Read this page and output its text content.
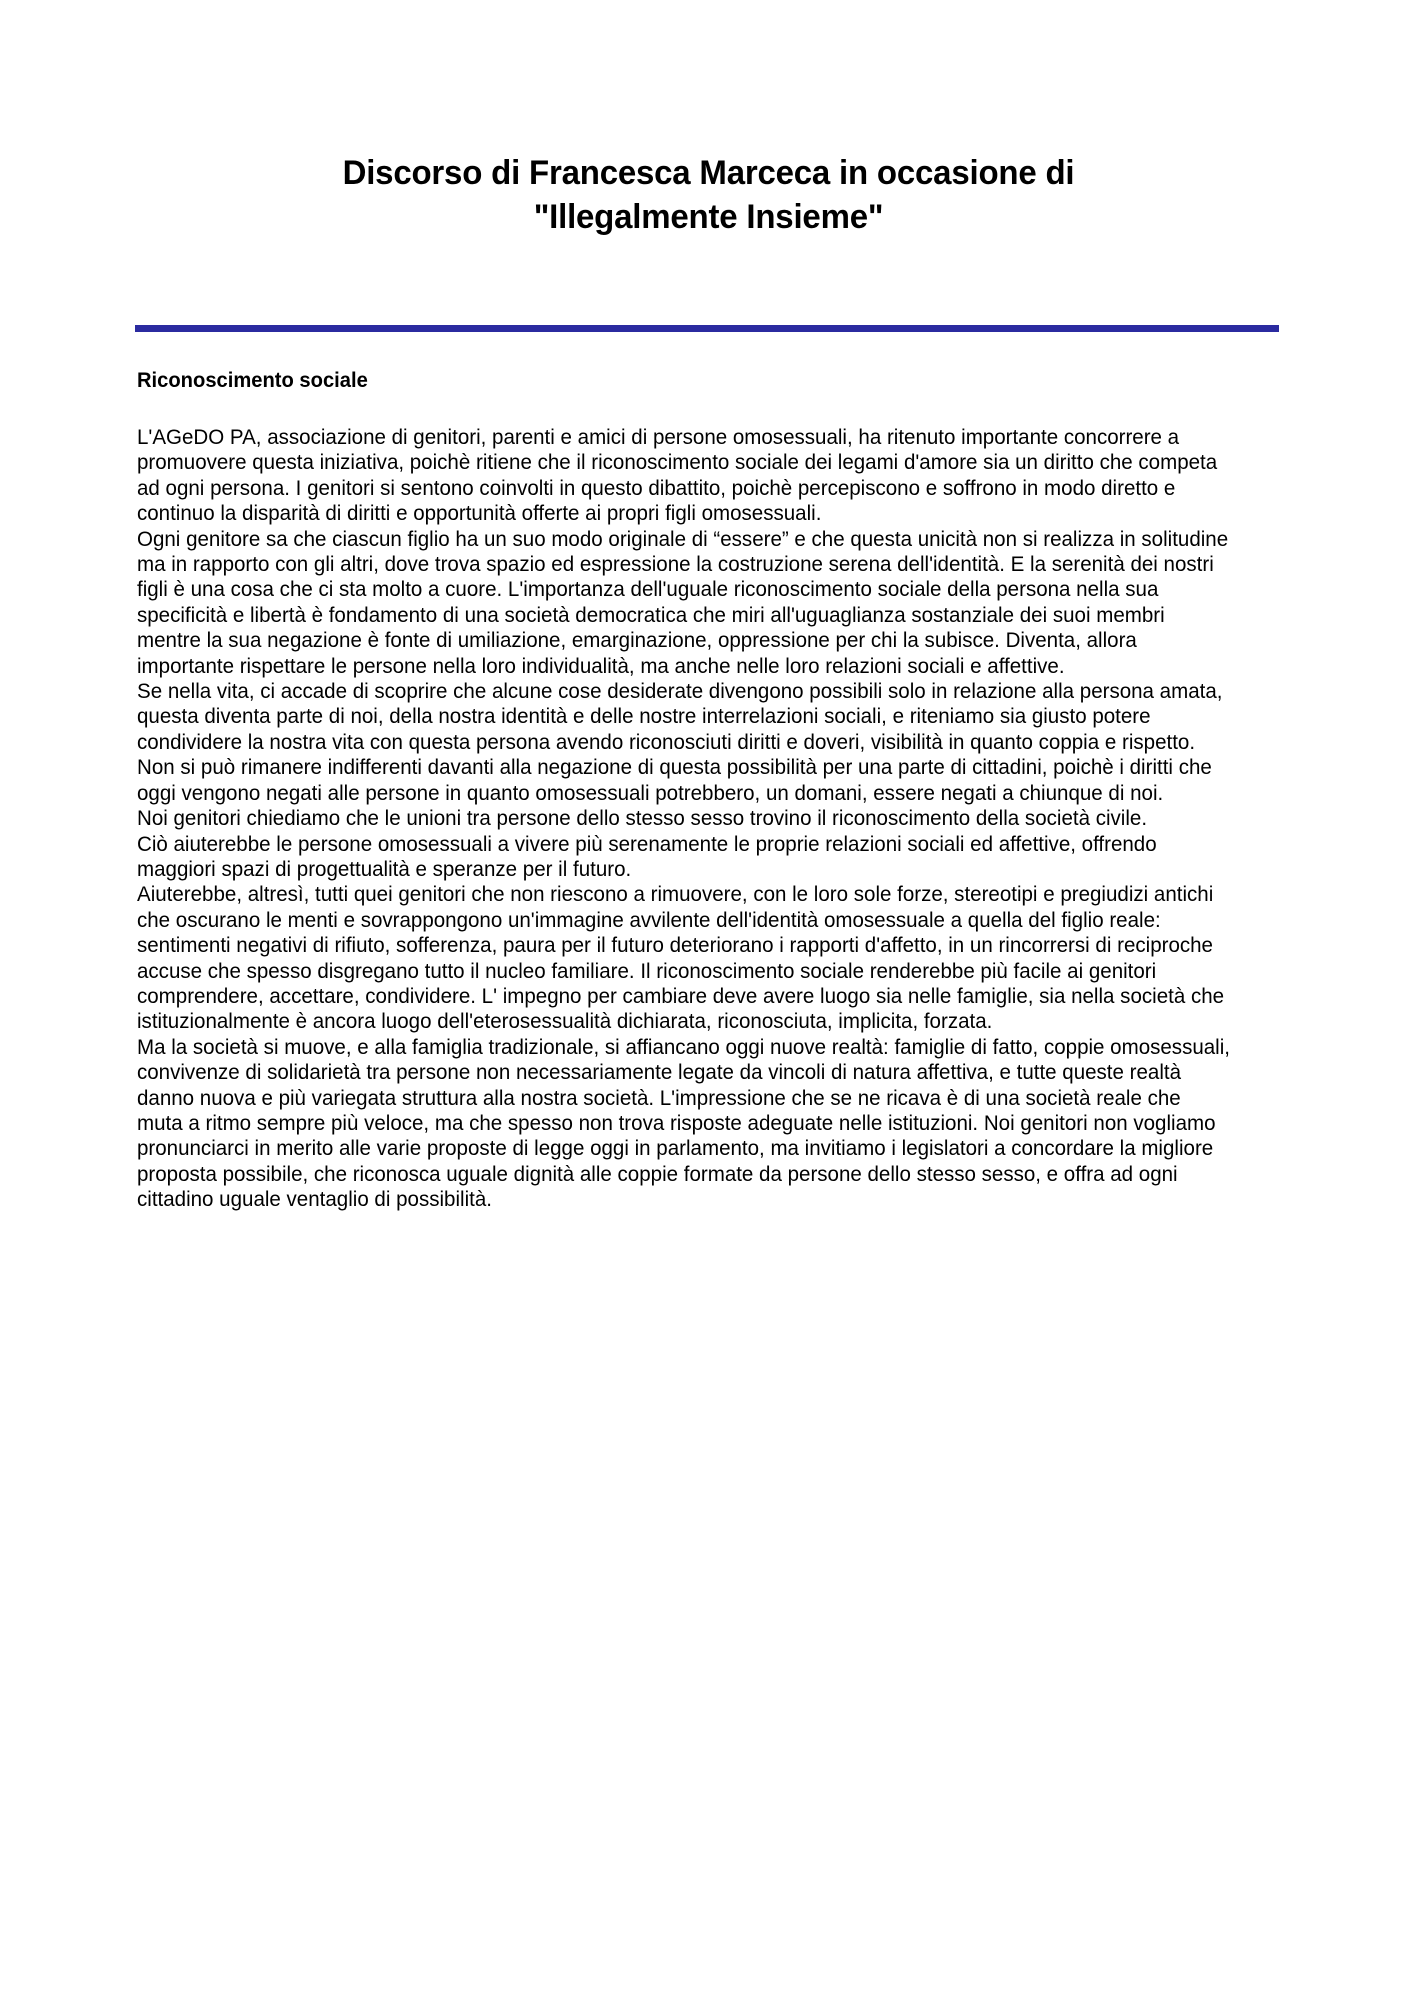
Discorso di Francesca Marceca in occasione di
"Illegalmente Insieme"
Riconoscimento sociale

L'AGeDO PA, associazione di genitori, parenti e amici di persone omosessuali, ha ritenuto importante concorrere a promuovere questa iniziativa, poichè ritiene che il riconoscimento sociale dei legami d'amore sia un diritto che competa ad ogni persona. I genitori si sentono coinvolti in questo dibattito, poichè percepiscono e soffrono in modo diretto e continuo la disparità di diritti e opportunità offerte ai propri figli omosessuali.

Ogni genitore sa che ciascun figlio ha un suo modo originale di “essere” e che questa unicità non si realizza in solitudine ma in rapporto con gli altri, dove trova spazio ed espressione la costruzione serena dell'identità. E la serenità dei nostri figli è una cosa che ci sta molto a cuore. L'importanza dell'uguale riconoscimento sociale della persona nella sua specificità e libertà è fondamento di una società democratica che miri all'uguaglianza sostanziale dei suoi membri mentre la sua negazione è fonte di umiliazione, emarginazione, oppressione per chi la subisce. Diventa, allora importante rispettare le persone nella loro individualità, ma anche nelle loro relazioni sociali e affettive.

Se nella vita, ci accade di scoprire che alcune cose desiderate divengono possibili solo in relazione alla persona amata, questa diventa parte di noi, della nostra identità e delle nostre interrelazioni sociali, e riteniamo sia giusto potere condividere la nostra vita con questa persona avendo riconosciuti diritti e doveri, visibilità in quanto coppia e rispetto.

Non si può rimanere indifferenti davanti alla negazione di questa possibilità per una parte di cittadini, poichè i diritti che oggi vengono negati alle persone in quanto omosessuali potrebbero, un domani, essere negati a chiunque di noi.

Noi genitori chiediamo che le unioni tra persone dello stesso sesso trovino il riconoscimento della società civile.

Ciò aiuterebbe le persone omosessuali a vivere più serenamente le proprie relazioni sociali ed affettive, offrendo maggiori spazi di progettualità e speranze per il futuro.

Aiuterebbe, altresì, tutti quei genitori che non riescono a rimuovere, con le loro sole forze, stereotipi e pregiudizi antichi che oscurano le menti e sovrappongono un'immagine avvilente dell'identità omosessuale a quella del figlio reale: sentimenti negativi di rifiuto, sofferenza, paura per il futuro deteriorano i rapporti d'affetto, in un rincorrersi di reciproche accuse che spesso disgregano tutto il nucleo familiare. Il riconoscimento sociale renderebbe più facile ai genitori comprendere, accettare, condividere. L' impegno per cambiare deve avere luogo sia nelle famiglie, sia nella società che istituzionalmente è ancora luogo dell'eterosessualità dichiarata, riconosciuta, implicita, forzata.

Ma la società si muove, e alla famiglia tradizionale, si affiancano oggi nuove realtà: famiglie di fatto, coppie omosessuali, convivenze di solidarietà tra persone non necessariamente legate da vincoli di natura affettiva, e tutte queste realtà danno nuova e più variegata struttura alla nostra società. L'impressione che se ne ricava è di una società reale che muta a ritmo sempre più veloce, ma che spesso non trova risposte adeguate nelle istituzioni. Noi genitori non vogliamo pronunciarci in merito alle varie proposte di legge oggi in parlamento, ma invitiamo i legislatori a concordare la migliore proposta possibile, che riconosca uguale dignità alle coppie formate da persone dello stesso sesso, e offra ad ogni cittadino uguale ventaglio di possibilità.
